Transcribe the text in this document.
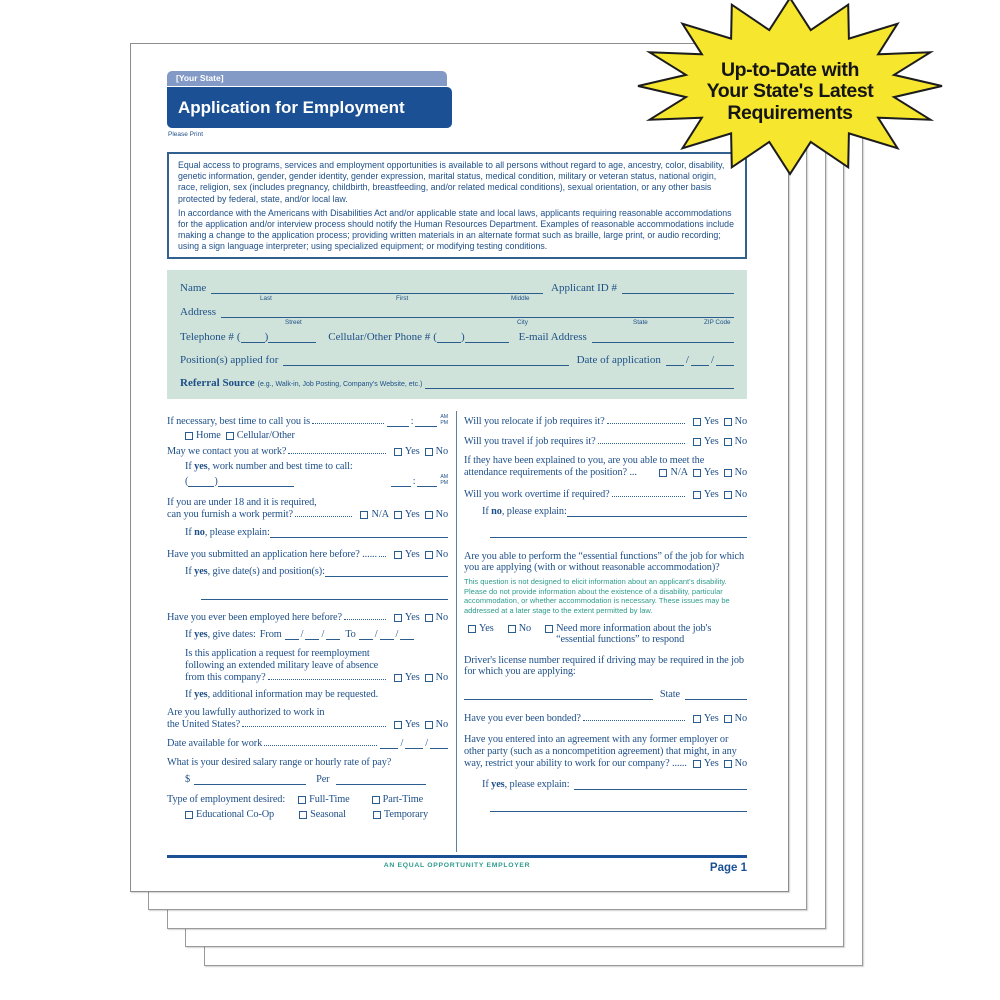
[Your State]
Application for Employment
Please Print

Equal access to programs, services and employment opportunities is available to all persons without regard to age, ancestry, color, disability, genetic information, gender, gender identity, gender expression, marital status, medical condition, military or veteran status, national origin, race, religion, sex (includes pregnancy, childbirth, breastfeeding, and/or related medical conditions), sexual orientation, or any other basis protected by federal, state, and/or local law.

In accordance with the Americans with Disabilities Act and/or applicable state and local laws, applicants requiring reasonable accommodations for the application and/or interview process should notify the Human Resources Department. Examples of reasonable accommodations include making a change to the application process; providing written materials in an alternate format such as braille, large print, or audio recording; using a sign language interpreter; using specialized equipment; or modifying testing conditions.

Name	Applicant ID #
Last	First	Middle
Address
Street	City	State	ZIP Code
Telephone # ( )	Cellular/Other Phone # ( )	E-mail Address
Position(s) applied for	Date of application / /
Referral Source (e.g., Walk-in, Job Posting, Company's Website, etc.)
If necessary, best time to call you is	:	AM
PM
Home Cellular/Other
May we contact you at work?	Yes No
If yes, work number and best time to call:
(	)	:	AM
PM
If you are under 18 and it is required,
can you furnish a work permit?	N/A Yes No
If no, please explain:
Have you submitted an application here before? ......	Yes No
If yes, give date(s) and position(s):
Have you ever been employed here before?	Yes No
If yes, give dates: From / / To / /
Is this application a request for reemployment
following an extended military leave of absence
from this company?	Yes No
If yes, additional information may be requested.
Are you lawfully authorized to work in
the United States?	Yes No
Date available for work	/ /
What is your desired salary range or hourly rate of pay?
$	Per
Type of employment desired: Full-Time	Part-Time
Educational Co-Op	Seasonal	Temporary
Will you relocate if job requires it?	Yes No
Will you travel if job requires it?	Yes No
If they have been explained to you, are you able to meet the
attendance requirements of the position? ...	N/A Yes No
Will you work overtime if required?	Yes No
If no, please explain:
Are you able to perform the “essential functions” of the job for which you are applying (with or without reasonable accommodation)?
This question is not designed to elicit information about an applicant's disability. Please do not provide information about the existence of a disability, particular accommodation, or whether accommodation is necessary. These issues may be addressed at a later stage to the extent permitted by law.
Yes No Need more information about the job's “essential functions” to respond
Driver's license number required if driving may be required in the job for which you are applying:
State
Have you ever been bonded?	Yes No
Have you entered into an agreement with any former employer or
other party (such as a noncompetition agreement) that might, in any
way, restrict your ability to work for our company? ...... Yes No
If yes, please explain:
AN EQUAL OPPORTUNITY EMPLOYER	Page 1
Up-to-Date with
Your State's Latest
Requirements
